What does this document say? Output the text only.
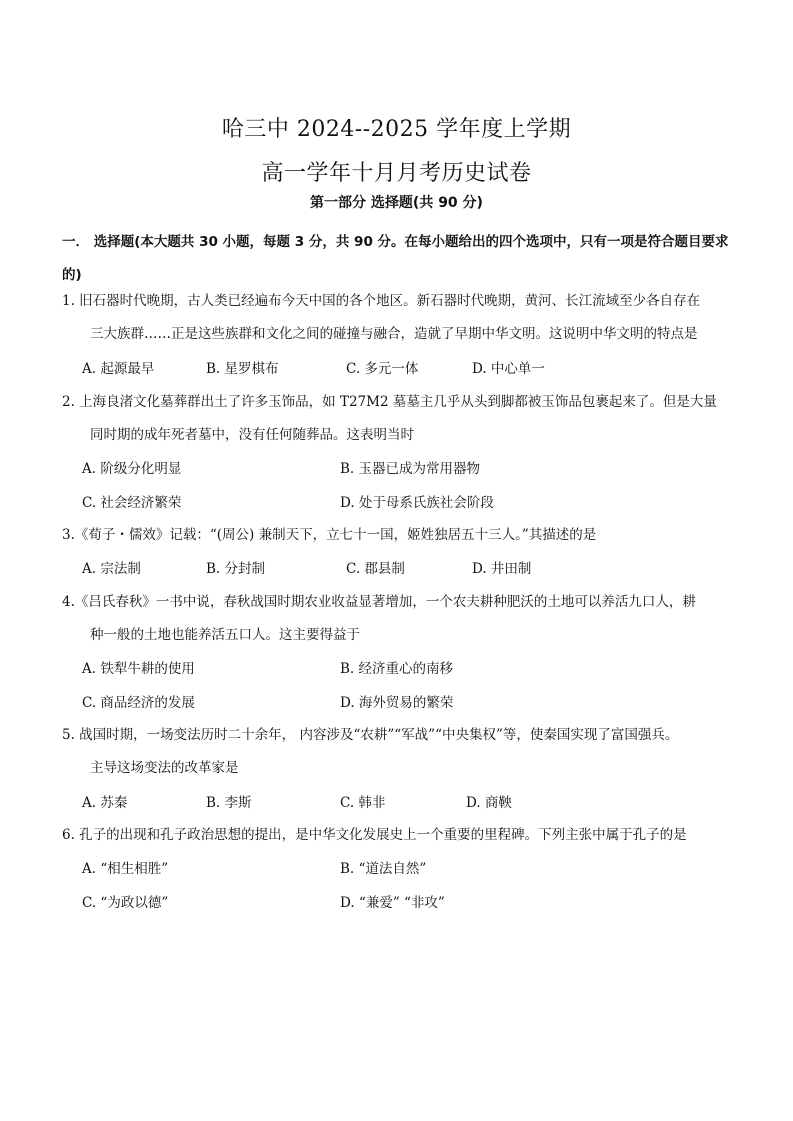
哈三中 2024--2025 学年度上学期
高一学年十月月考历史试卷
第一部分 选择题(共 90 分)
一． 选择题(本大题共 30 小题，每题 3 分，共 90 分。在每小题给出的四个选项中，只有一项是符合题目要求的)
1. 旧石器时代晚期，古人类已经遍布今天中国的各个地区。新石器时代晚期，黄河、长江流域至少各自存在
三大族群……正是这些族群和文化之间的碰撞与融合，造就了早期中华文明。这说明中华文明的特点是
A. 起源最早	B. 星罗棋布	C. 多元一体	D. 中心单一
2. 上海良渚文化墓葬群出土了许多玉饰品，如 T27M2 墓墓主几乎从头到脚都被玉饰品包裹起来了。但是大量
同时期的成年死者墓中，没有任何随葬品。这表明当时
A. 阶级分化明显	B. 玉器已成为常用器物
C. 社会经济繁荣	D. 处于母系氏族社会阶段
3.《荀子・儒效》记载：“(周公) 兼制天下，立七十一国，姬姓独居五十三人。”其描述的是
A. 宗法制	B. 分封制	C. 郡县制	D. 井田制
4.《吕氏春秋》一书中说，春秋战国时期农业收益显著增加，一个农夫耕种肥沃的土地可以养活九口人，耕
种一般的土地也能养活五口人。这主要得益于
A. 铁犁牛耕的使用	B. 经济重心的南移
C. 商品经济的发展	D. 海外贸易的繁荣
5. 战国时期，一场变法历时二十余年， 内容涉及“农耕”“军战”“中央集权”等，使秦国实现了富国强兵。
主导这场变法的改革家是
A. 苏秦	B. 李斯	C. 韩非	D. 商鞅
6. 孔子的出现和孔子政治思想的提出，是中华文化发展史上一个重要的里程碑。下列主张中属于孔子的是
A. “相生相胜”	B. “道法自然”
C. “为政以德”	D. “兼爱” “非攻”
